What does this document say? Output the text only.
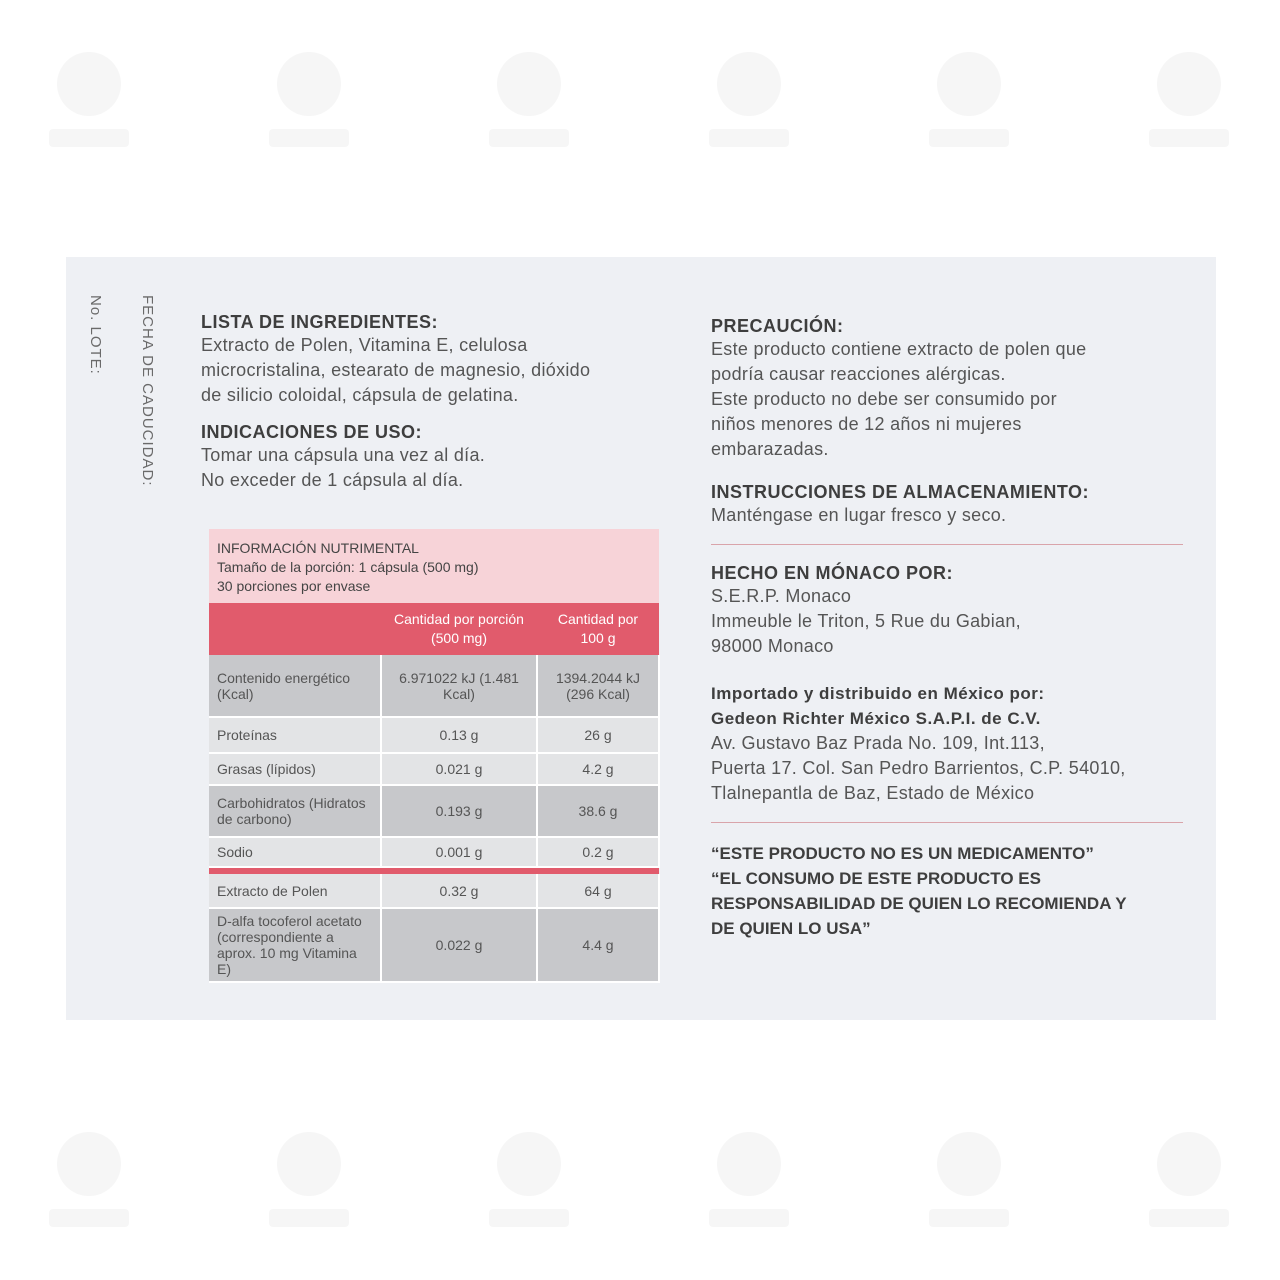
No. LOTE: FECHA DE CADUCIDAD:	LISTA DE INGREDIENTES:
Extracto de Polen, Vitamina E, celulosa
microcristalina, estearato de magnesio, dióxido
de silicio coloidal, cápsula de gelatina.
INDICACIONES DE USO:
Tomar una cápsula una vez al día.
No exceder de 1 cápsula al día.
INFORMACIÓN NUTRIMENTAL
Tamaño de la porción: 1 cápsula (500 mg)
30 porciones por envase
	Cantidad por porción (500 mg)	Cantidad por 100 g
Contenido energético (Kcal)	6.971022 kJ (1.481 Kcal)	1394.2044 kJ (296 Kcal)
Proteínas	0.13 g	26 g
Grasas (lípidos)	0.021 g	4.2 g
Carbohidratos (Hidratos de carbono)	0.193 g	38.6 g
Sodio	0.001 g	0.2 g

Extracto de Polen	0.32 g	64 g
D-alfa tocoferol acetato (correspondiente a aprox. 10 mg Vitamina E)	0.022 g	4.4 g
PRECAUCIÓN:
Este producto contiene extracto de polen que
podría causar reacciones alérgicas.
Este producto no debe ser consumido por
niños menores de 12 años ni mujeres
embarazadas.
INSTRUCCIONES DE ALMACENAMIENTO:
Manténgase en lugar fresco y seco.
HECHO EN MÓNACO POR:
S.E.R.P. Monaco
Immeuble le Triton, 5 Rue du Gabian,
98000 Monaco
Importado y distribuido en México por:
Gedeon Richter México S.A.P.I. de C.V.
Av. Gustavo Baz Prada No. 109, Int.113,
Puerta 17. Col. San Pedro Barrientos, C.P. 54010,
Tlalnepantla de Baz, Estado de México
“ESTE PRODUCTO NO ES UN MEDICAMENTO”
“EL CONSUMO DE ESTE PRODUCTO ES
RESPONSABILIDAD DE QUIEN LO RECOMIENDA Y
DE QUIEN LO USA”
